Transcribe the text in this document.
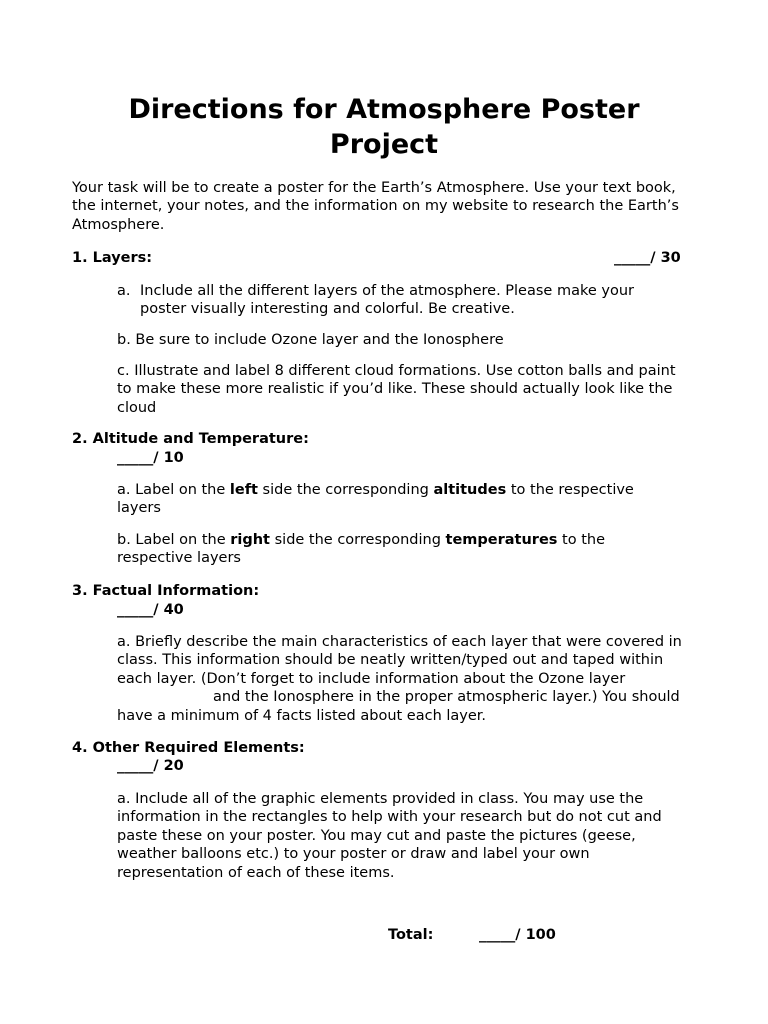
Directions for Atmosphere Poster Project

Your task will be to create a poster for the Earth’s Atmosphere. Use your text book, the internet, your notes, and the information on my website to research the Earth’s Atmosphere.

1. Layers:	_____/ 30
a. Include all the different layers of the atmosphere. Please make your poster visually interesting and colorful. Be creative.

b. Be sure to include Ozone layer and the Ionosphere

c. Illustrate and label 8 different cloud formations. Use cotton balls and paint to make these more realistic if you’d like. These should actually look like the cloud

2. Altitude and Temperature:
_____/ 10

a. Label on the left side the corresponding altitudes to the respective layers

b. Label on the right side the corresponding temperatures to the respective layers

3. Factual Information:
_____/ 40

a. Briefly describe the main characteristics of each layer that were covered in class. This information should be neatly written/typed out and taped within each layer. (Don’t forget to include information about the Ozone layerand the Ionosphere in the proper atmospheric layer.) You should have a minimum of 4 facts listed about each layer.

4. Other Required Elements:
_____/ 20

a. Include all of the graphic elements provided in class. You may use the information in the rectangles to help with your research but do not cut and paste these on your poster. You may cut and paste the pictures (geese, weather balloons etc.) to your poster or draw and label your own representation of each of these items.

Total:	_____/ 100
